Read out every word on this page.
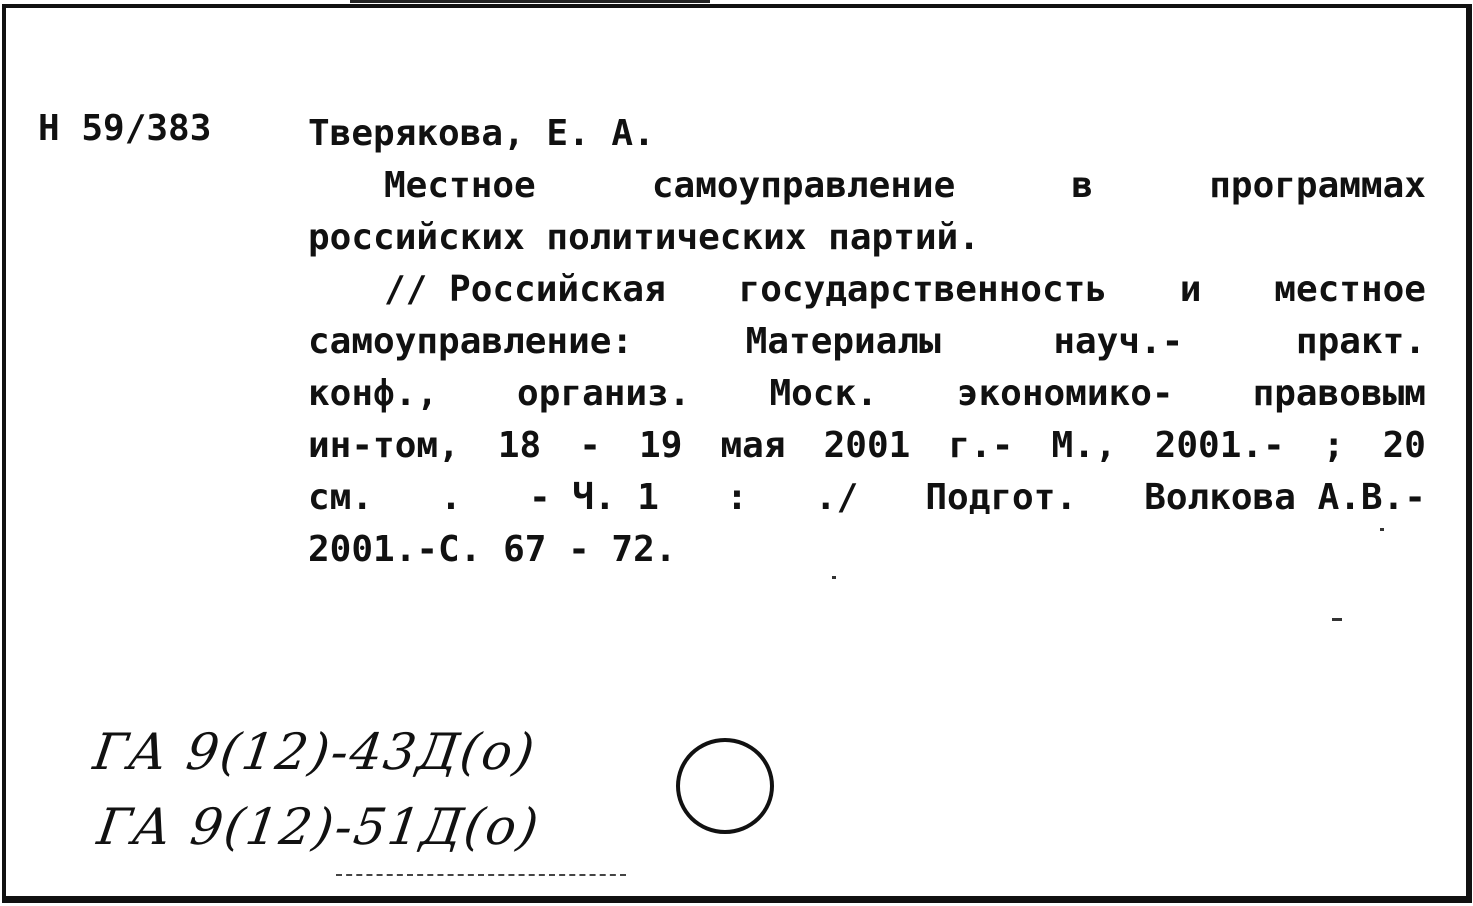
Н 59/383	Тверякова, Е. А.
Местное	самоуправление	в	программах
российских политических партий.
// Российская государственность и местное
самоуправление:	Материалы	науч.-	практ.
конф., организ. Моск. экономико- правовым
ин-том, 18 - 19 мая 2001 г.- М., 2001.- ; 20
см. . - Ч. 1 : ./ Подгот. Волкова А.В.-
2001.-С. 67 - 72.
ГА 9(12)-43Д(о)
ГА 9(12)-51Д(о)
